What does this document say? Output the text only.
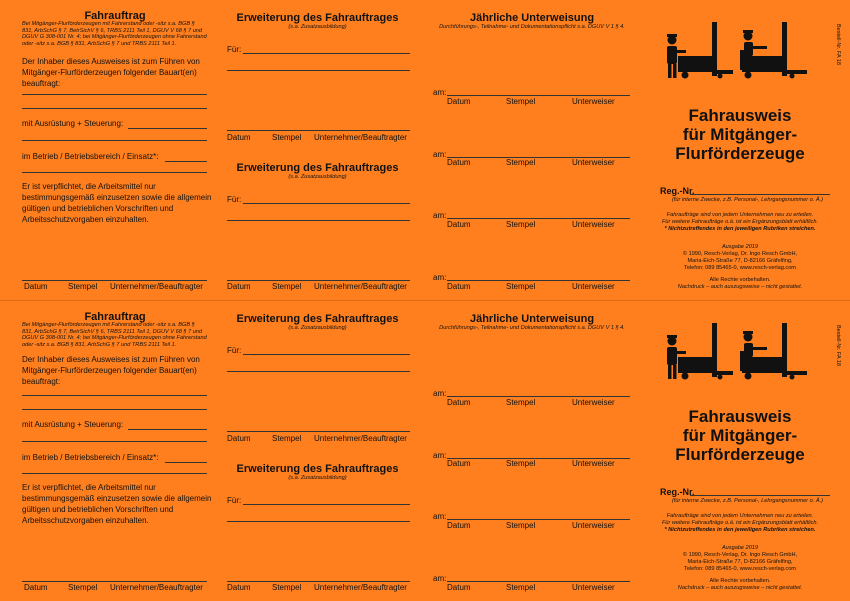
Fahrauftrag
Bei Mitgänger-Flurförderzeugen mit Fahrerstand oder -sitz s.a. BGB § 831, ArbSchG § 7, BetrSichV § 6, TRBS 2111 Teil 1, DGUV V 68 § 7 und DGUV G 308-001 Nr. 4; bei Mitgänger-Flurförderzeugen ohne Fahrerstand oder -sitz s.a. BGB § 831, ArbSchG § 7 und TRBS 2111 Teil 1.
Der Inhaber dieses Ausweises ist zum Führen von Mitgänger-Flurförderzeugen folgender Bauart(en) beauftragt:
mit Ausrüstung + Steuerung:
im Betrieb / Betriebsbereich / Einsatz*:
Er ist verpflichtet, die Arbeitsmittel nur bestimmungsgemäß einzusetzen sowie die allgemein gültigen und betrieblichen Vorschriften und Arbeitsschutzvorgaben einzuhalten.
Datum	Stempel Unternehmer/Beauftragter
Erweiterung des Fahrauftrages
(s.a. Zusatzausbildung)
Für:
Datum	Stempel Unternehmer/Beauftragter
Erweiterung des Fahrauftrages
(s.a. Zusatzausbildung)
Für:
Datum	Stempel Unternehmer/Beauftragter
Jährliche Unterweisung
Durchführungs-, Teilnahme- und Dokumentationspflicht s.a. DGUV V 1 § 4.
am:
Datum	Stempel	Unterweiser
am:
Datum	Stempel	Unterweiser
am:
Datum	Stempel	Unterweiser
am:
Datum	Stempel	Unterweiser
Bestell-Nr. FA 18
Fahrausweis
für Mitgänger-
Flurförderzeuge
Reg.-Nr.
(für interne Zwecke, z.B. Personal-, Lehrgangsnummer o. Ä.)
Fahraufträge sind von jedem Unternehmen neu zu erteilen.
Für weitere Fahraufträge o.ä. ist ein Ergänzungsblatt erhältlich.
* Nichtzutreffendes in den jeweiligen Rubriken streichen.
Ausgabe 2019
© 1990, Resch-Verlag, Dr. Ingo Resch GmbH,
Maria-Eich-Straße 77, D-82166 Gräfelfing,
Telefon: 089 85465-0, www.resch-verlag.com
Alle Rechte vorbehalten.
Nachdruck – auch auszugsweise – nicht gestattet.
Fahrauftrag
Bei Mitgänger-Flurförderzeugen mit Fahrerstand oder -sitz s.a. BGB § 831, ArbSchG § 7, BetrSichV § 6, TRBS 2111 Teil 1, DGUV V 68 § 7 und DGUV G 308-001 Nr. 4; bei Mitgänger-Flurförderzeugen ohne Fahrerstand oder -sitz s.a. BGB § 831, ArbSchG § 7 und TRBS 2111 Teil 1.
Der Inhaber dieses Ausweises ist zum Führen von Mitgänger-Flurförderzeugen folgender Bauart(en) beauftragt:
mit Ausrüstung + Steuerung:
im Betrieb / Betriebsbereich / Einsatz*:
Er ist verpflichtet, die Arbeitsmittel nur bestimmungsgemäß einzusetzen sowie die allgemein gültigen und betrieblichen Vorschriften und Arbeitsschutzvorgaben einzuhalten.
Datum	Stempel Unternehmer/Beauftragter
Erweiterung des Fahrauftrages
(s.a. Zusatzausbildung)
Für:
Datum	Stempel Unternehmer/Beauftragter
Erweiterung des Fahrauftrages
(s.a. Zusatzausbildung)
Für:
Datum	Stempel Unternehmer/Beauftragter
Jährliche Unterweisung
Durchführungs-, Teilnahme- und Dokumentationspflicht s.a. DGUV V 1 § 4.
am:
Datum	Stempel	Unterweiser
am:
Datum	Stempel	Unterweiser
am:
Datum	Stempel	Unterweiser
am:
Datum	Stempel	Unterweiser
Bestell-Nr. FA 18
Fahrausweis
für Mitgänger-
Flurförderzeuge
Reg.-Nr.
(für interne Zwecke, z.B. Personal-, Lehrgangsnummer o. Ä.)
Fahraufträge sind von jedem Unternehmen neu zu erteilen.
Für weitere Fahraufträge o.ä. ist ein Ergänzungsblatt erhältlich.
* Nichtzutreffendes in den jeweiligen Rubriken streichen.
Ausgabe 2019
© 1990, Resch-Verlag, Dr. Ingo Resch GmbH,
Maria-Eich-Straße 77, D-82166 Gräfelfing,
Telefon: 089 85465-0, www.resch-verlag.com
Alle Rechte vorbehalten.
Nachdruck – auch auszugsweise – nicht gestattet.
